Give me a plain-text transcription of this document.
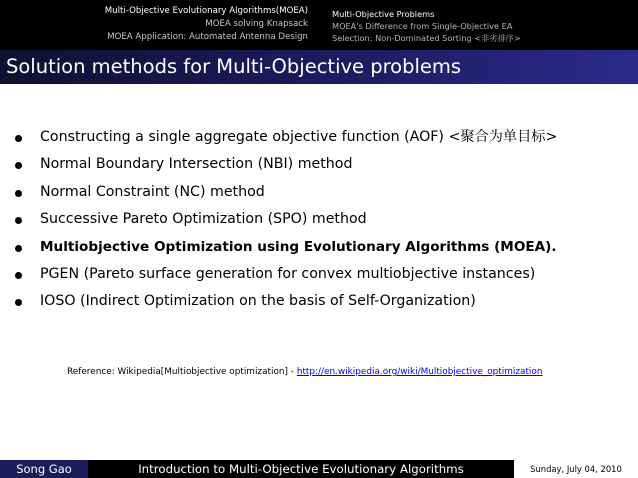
Multi-Objective Evolutionary Algorithms(MOEA)
MOEA solving Knapsack
MOEA Application: Automated Antenna Design
Multi-Objective Problems
MOEA's Difference from Single-Objective EA
Selection: Non-Dominated Sorting <非劣排序>
Solution methods for Multi-Objective problems
Constructing a single aggregate objective function (AOF) <聚合为单目标>
Normal Boundary Intersection (NBI) method
Normal Constraint (NC) method
Successive Pareto Optimization (SPO) method
Multiobjective Optimization using Evolutionary Algorithms (MOEA).
PGEN (Pareto surface generation for convex multiobjective instances)
IOSO (Indirect Optimization on the basis of Self-Organization)
Reference: Wikipedia[Multiobjective optimization] - http://en.wikipedia.org/wiki/Multiobjective_optimization
Song Gao	Introduction to Multi-Objective Evolutionary Algorithms	Sunday, July 04, 2010
